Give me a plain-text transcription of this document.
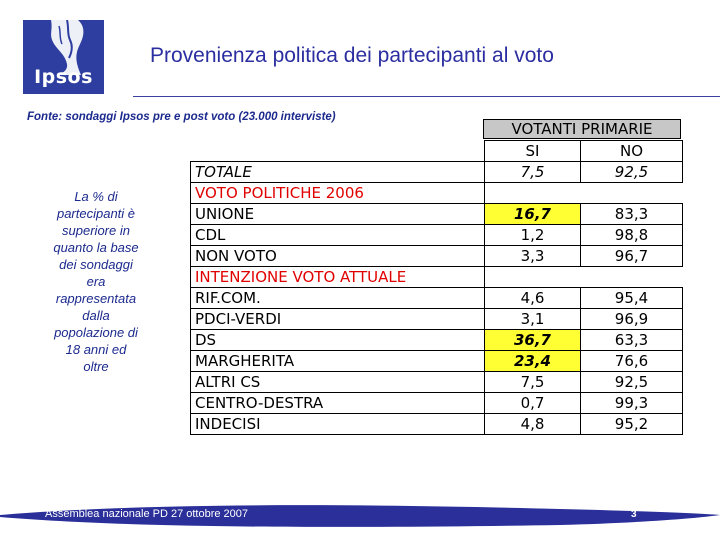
Ipsos
Provenienza politica dei partecipanti al voto
Fonte: sondaggi Ipsos pre e post voto (23.000 interviste)
La % di
partecipanti è
superiore in
quanto la base
dei sondaggi
era
rappresentata
dalla
popolazione di
18 anni ed
oltre
VOTANTI PRIMARIE
	SI	NO
TOTALE	7,5	92,5
VOTO POLITICHE 2006		
UNIONE	16,7	83,3
CDL	1,2	98,8
NON VOTO	3,3	96,7
INTENZIONE VOTO ATTUALE		
RIF.COM.	4,6	95,4
PDCI-VERDI	3,1	96,9
DS	36,7	63,3
MARGHERITA	23,4	76,6
ALTRI CS	7,5	92,5
CENTRO-DESTRA	0,7	99,3
INDECISI	4,8	95,2
Assemblea nazionale PD 27 ottobre 2007	3
